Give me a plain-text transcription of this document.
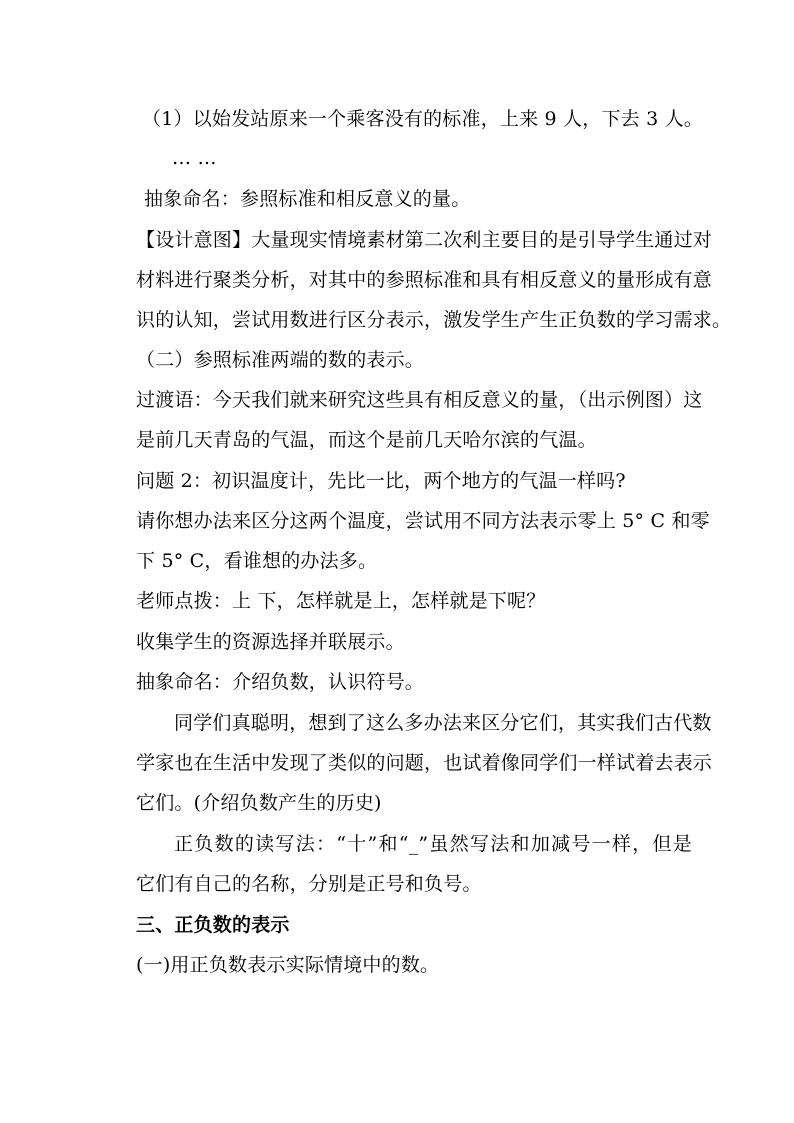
（1）以始发站原来一个乘客没有的标准，上来 9 人，下去 3 人。
… …
抽象命名：参照标准和相反意义的量。
【设计意图】大量现实情境素材第二次利主要目的是引导学生通过对
材料进行聚类分析，对其中的参照标准和具有相反意义的量形成有意
识的认知，尝试用数进行区分表示，激发学生产生正负数的学习需求。
（二）参照标准两端的数的表示。
过渡语：今天我们就来研究这些具有相反意义的量，（出示例图）这
是前几天青岛的气温，而这个是前几天哈尔滨的气温。
问题 2：初识温度计，先比一比，两个地方的气温一样吗?
请你想办法来区分这两个温度，尝试用不同方法表示零上 5° C 和零
下 5° C，看谁想的办法多。
老师点拨：上 下，怎样就是上，怎样就是下呢？
收集学生的资源选择并联展示。
抽象命名：介绍负数，认识符号。
同学们真聪明，想到了这么多办法来区分它们，其实我们古代数
学家也在生活中发现了类似的问题，也试着像同学们一样试着去表示
它们。(介绍负数产生的历史)
正负数的读写法：“十”和“_”虽然写法和加减号一样，但是
它们有自己的名称，分别是正号和负号。
三、正负数的表示
(一)用正负数表示实际情境中的数。
